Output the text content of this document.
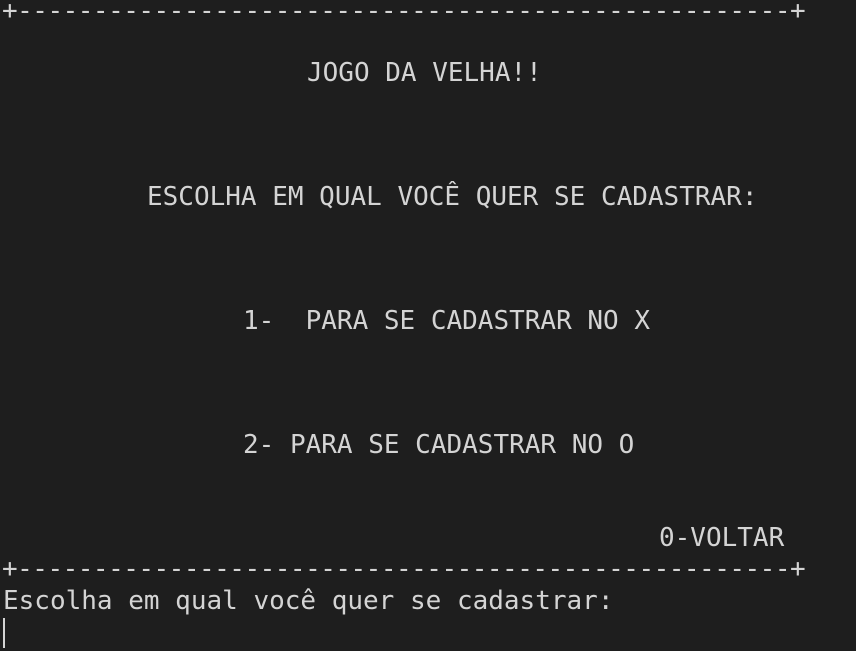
+---------------------------------------------------+
JOGO DA VELHA!!
ESCOLHA EM QUAL VOCÊ QUER SE CADASTRAR:
1-  PARA SE CADASTRAR NO X
2- PARA SE CADASTRAR NO O
0-VOLTAR
+---------------------------------------------------+
Escolha em qual você quer se cadastrar:
